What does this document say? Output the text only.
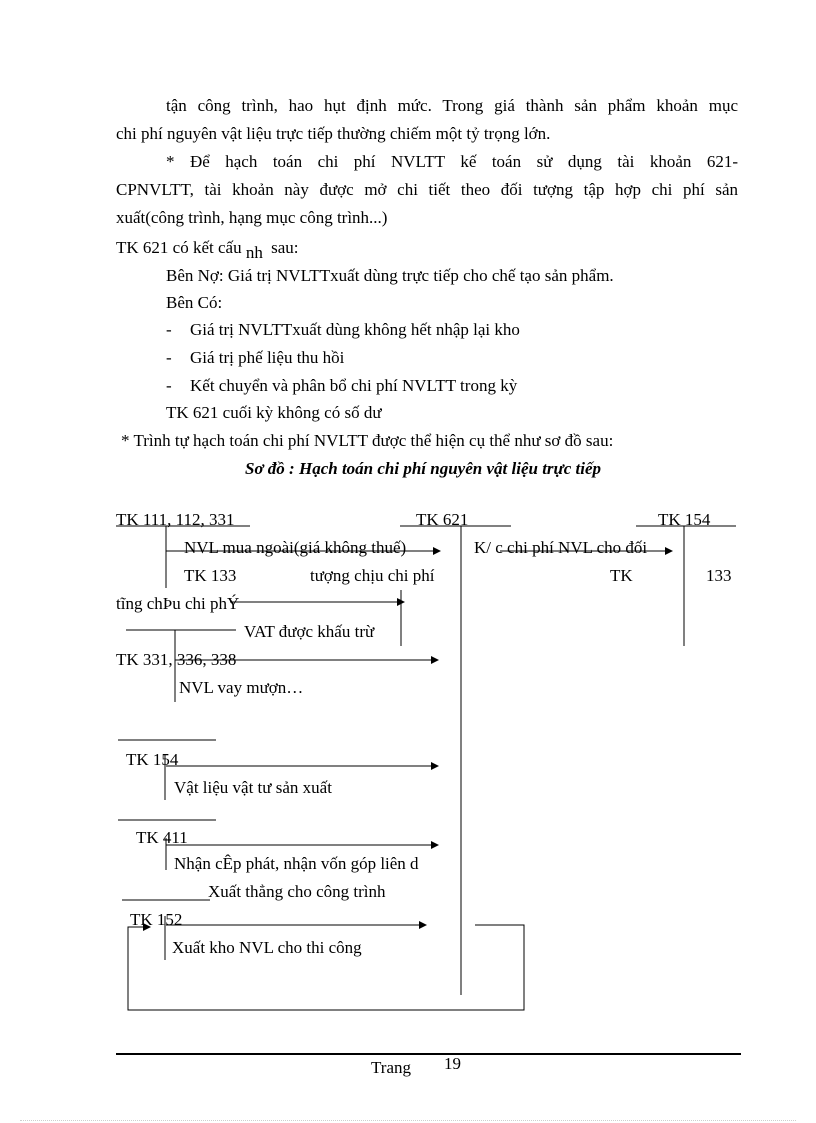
tận công trình, hao hụt định mức. Trong giá thành sản phẩm khoản mục
chi phí nguyên vật liệu trực tiếp thường chiếm một tỷ trọng lớn.
* Để hạch toán chi phí NVLTT kế toán sử dụng tài khoản 621-
CPNVLTT, tài khoản này được mở chi tiết theo đối tượng tập hợp chi phí sản
xuất(công trình, hạng mục công trình...)
TK 621 có kết cấu nh sau:
Bên Nợ: Giá trị NVLTTxuất dùng trực tiếp cho chế tạo sản phẩm.
Bên Có:
- Giá trị NVLTTxuất dùng không hết nhập lại kho
- Giá trị phế liệu thu hồi
- Kết chuyển và phân bổ chi phí NVLTT trong kỳ
TK 621 cuối kỳ không có số dư
* Trình tự hạch toán chi phí NVLTT được thể hiện cụ thể như sơ đồ sau:
Sơ đồ : Hạch toán chi phí nguyên vật liệu trực tiếp
TK 111, 112, 331	TK 621	TK 154
NVL mua ngoài(giá không thuế)	K/ c chi phí NVL cho đối
TK 133	tượng chịu chi phí	TK	133
tĩng chÞu chi phÝ
VAT được khấu trừ
TK 331, 336, 338
NVL vay mượn…
TK 154
Vật liệu vật tư sản xuất
TK 411
Nhận cÊp phát, nhận vốn góp liên d
Xuất thẳng cho công trình
TK 152
Xuất kho NVL cho thi công
Trang 19
